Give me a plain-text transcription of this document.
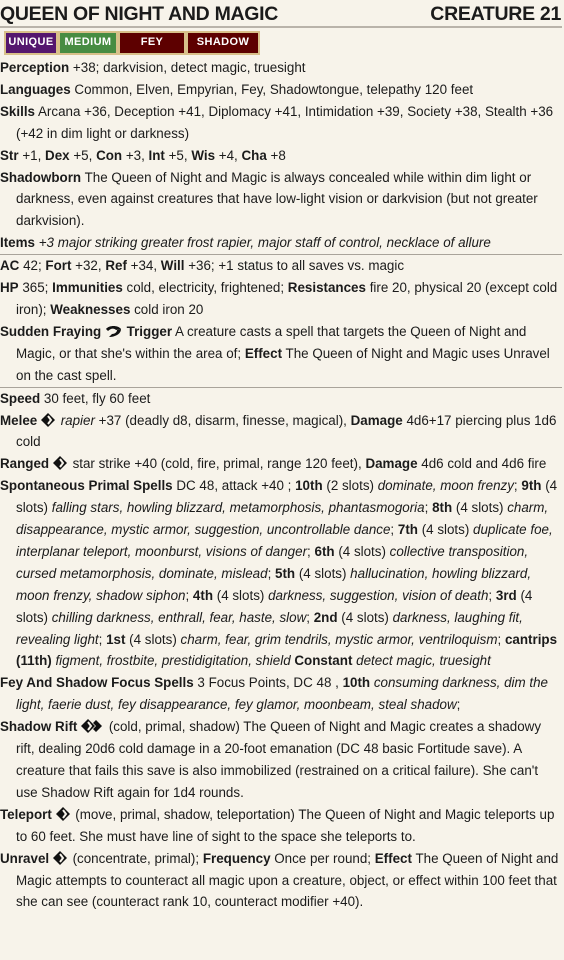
QUEEN OF NIGHT AND MAGIC	CREATURE 21
UNIQUE MEDIUM	FEY	SHADOW
Perception +38; darkvision, detect magic, truesight
Languages Common, Elven, Empyrian, Fey, Shadowtongue, telepathy 120 feet
Skills Arcana +36, Deception +41, Diplomacy +41, Intimidation +39, Society +38, Stealth +36 (+42 in dim light or darkness)
Str +1, Dex +5, Con +3, Int +5, Wis +4, Cha +8
Shadowborn The Queen of Night and Magic is always concealed while within dim light or darkness, even against creatures that have low-light vision or darkvision (but not greater darkvision).
Items +3 major striking greater frost rapier, major staff of control, necklace of allure
AC 42; Fort +32, Ref +34, Will +36; +1 status to all saves vs. magic
HP 365; Immunities cold, electricity, frightened; Resistances fire 20, physical 20 (except cold iron); Weaknesses cold iron 20
Sudden Fraying  Trigger A creature casts a spell that targets the Queen of Night and Magic, or that she's within the area of; Effect The Queen of Night and Magic uses Unravel on the cast spell.
Speed 30 feet, fly 60 feet
Melee rapier +37 (deadly d8, disarm, finesse, magical), Damage 4d6+17 piercing plus 1d6 cold
Ranged  star strike +40 (cold, fire, primal, range 120 feet), Damage 4d6 cold and 4d6 fire
Spontaneous Primal Spells DC 48, attack +40 ; 10th (2 slots) dominate, moon frenzy; 9th (4 slots) falling stars, howling blizzard, metamorphosis, phantasmogoria; 8th (4 slots) charm, disappearance, mystic armor, suggestion, uncontrollable dance; 7th (4 slots) duplicate foe, interplanar teleport, moonburst, visions of danger; 6th (4 slots) collective transposition, cursed metamorphosis, dominate, mislead; 5th (4 slots) hallucination, howling blizzard, moon frenzy, shadow siphon; 4th (4 slots) darkness, suggestion, vision of death; 3rd (4 slots) chilling darkness, enthrall, fear, haste, slow; 2nd (4 slots) darkness, laughing fit, revealing light; 1st (4 slots) charm, fear, grim tendrils, mystic armor, ventriloquism; cantrips (11th) figment, frostbite, prestidigitation, shield Constant detect magic, truesight
Fey And Shadow Focus Spells 3 Focus Points, DC 48 , 10th consuming darkness, dim the light, faerie dust, fey disappearance, fey glamor, moonbeam, steal shadow;
Shadow Rift  (cold, primal, shadow) The Queen of Night and Magic creates a shadowy rift, dealing 20d6 cold damage in a 20-foot emanation (DC 48 basic Fortitude save). A creature that fails this save is also immobilized (restrained on a critical failure). She can't use Shadow Rift again for 1d4 rounds.
Teleport  (move, primal, shadow, teleportation) The Queen of Night and Magic teleports up to 60 feet. She must have line of sight to the space she teleports to.
Unravel  (concentrate, primal); Frequency Once per round; Effect The Queen of Night and Magic attempts to counteract all magic upon a creature, object, or effect within 100 feet that she can see (counteract rank 10, counteract modifier +40).
